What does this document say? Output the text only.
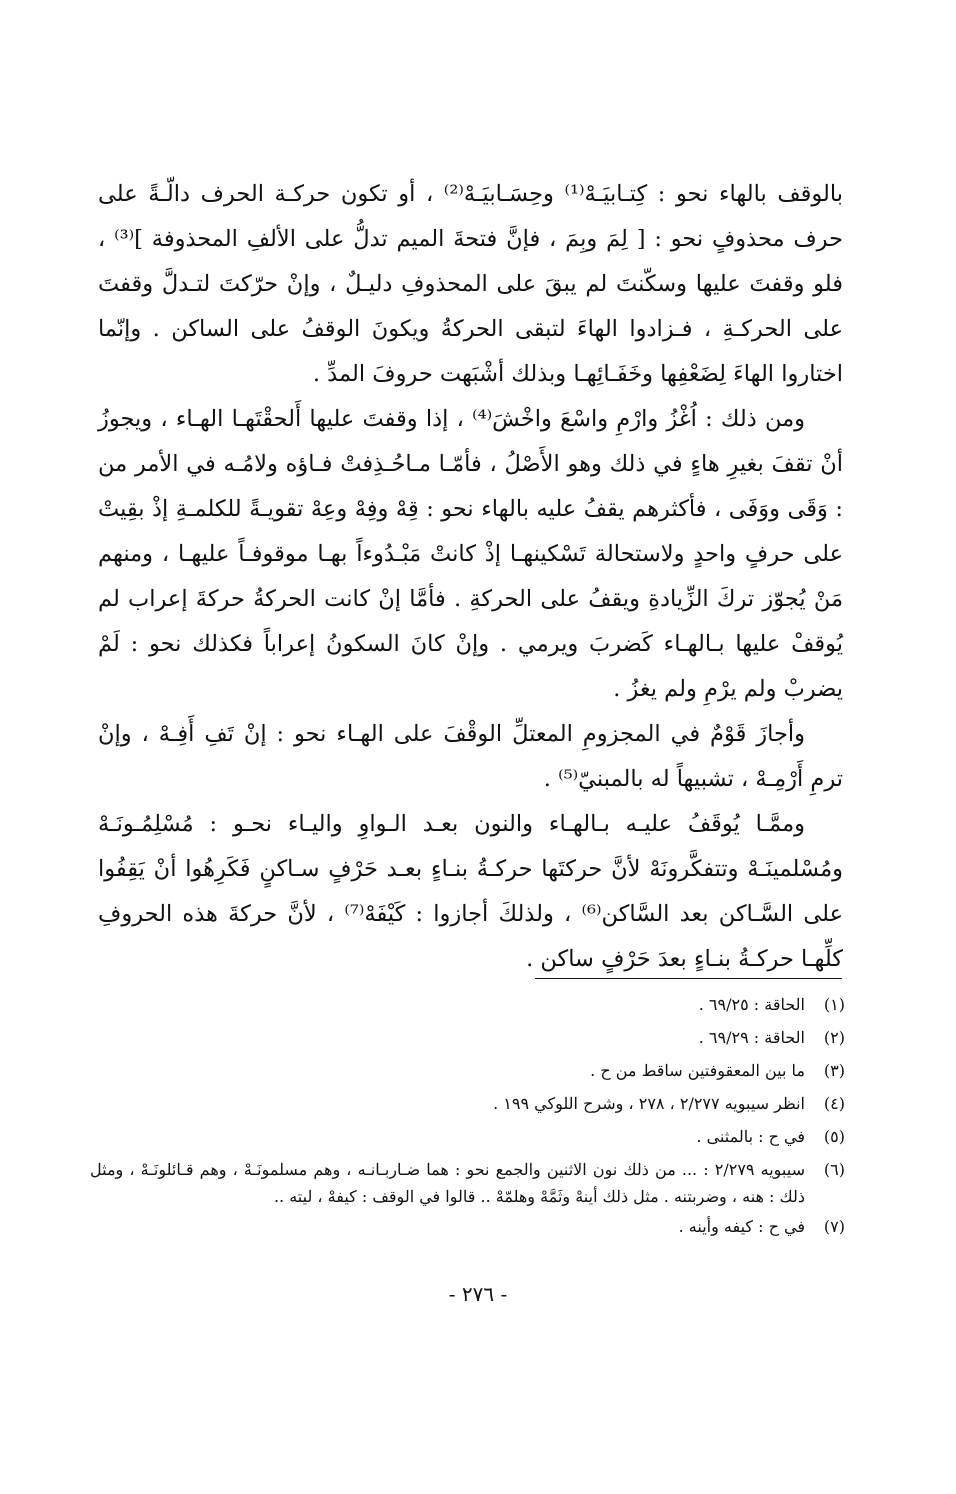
بالوقف بالهاء نحو : كِتـابيَـهْ⁽¹⁾ وحِسَـابيَـهْ⁽²⁾ ، أو تكون حركـة الحرف دالّـةً على حرف محذوفٍ نحو : [ لِمَ وبِمَ ، فإنَّ فتحةَ الميم تدلُّ على الألفِ المحذوفة ]⁽³⁾ ، فلو وقفتَ عليها وسكّنتَ لم يبقَ على المحذوفِ دليـلٌ ، وإنْ حرّكتَ لتـدلَّ وقفتَ على الحركـةِ ، فـزادوا الهاءَ لتبقى الحركةُ ويكونَ الوقفُ على الساكن . وإنّما اختاروا الهاءَ لِضَعْفِها وخَفَـائِهـا وبذلك أشْبَهت حروفَ المدِّ .

ومن ذلك : اُغْزُ وارْمِ واسْعَ واخْشَ⁽⁴⁾ ، إذا وقفتَ عليها أَلحقْتَهـا الهـاء ، ويجوزُ أنْ تقفَ بغيرِ هاءٍ في ذلك وهو الأَصْلُ ، فأمّـا مـاحُـذِفتْ فـاؤه ولامُـه في الأمر من : وَقَى ووَفَى ، فأكثرهم يقفُ عليه بالهاء نحو : قِهْ وفِهْ وعِهْ تقويـةً للكلمـةِ إذْ بقِيتْ على حرفٍ واحدٍ ولاستحالة تَسْكينهـا إذْ كانتْ مَبْـدُوءاً بهـا موقوفـاً عليهـا ، ومنهم مَنْ يُجوّز تركَ الزِّيادةِ ويقفُ على الحركةِ . فأمَّا إنْ كانت الحركةُ حركةَ إعراب لم يُوقفْ عليها بـالهـاء كَضربَ ويرمي . وإنْ كانَ السكونُ إعراباً فكذلك نحو : لَمْ يضربْ ولم يرْمِ ولم يغزُ .

وأجازَ قَوْمٌ في المجزومِ المعتلِّ الوقْفَ على الهـاء نحو : إنْ تَفِ أَفِـهْ ، وإنْ ترمِ أَرْمِـهْ ، تشبيهاً له بالمبنيّ⁽⁵⁾ .

وممَّـا يُوقَفُ عليـه بـالهـاء والنون بعـد الـواوِ واليـاء نحـو : مُسْلِمُـونَـهْ ومُسْلمينَـهْ وتتفكَّرونَهْ لأنَّ حركتَها حركـةُ بنـاءٍ بعـد حَرْفٍ سـاكنٍ فَكَرِهُوا أنْ يَقِفُوا على السَّـاكن بعد السَّاكن⁽⁶⁾ ، ولذلكَ أجازوا : كَيْفَهْ⁽⁷⁾ ، لأنَّ حركةَ هذه الحروفِ كلِّهـا حركـةُ بنـاءٍ بعدَ حَرْفٍ ساكن .

(١)
الحاقة : ٦٩/٢٥ .
(٢)
الحاقة : ٦٩/٢٩ .
(٣)
ما بين المعقوفتين ساقط من ح .
(٤)
انظر سيبويه ٢/٢٧٧ ، ٢٧٨ ، وشرح اللوكي ١٩٩ .
(٥)
في ح : بالمثنى .
(٦)
سيبويه ٢/٢٧٩ : ... من ذلك نون الاثنين والجمع نحو : هما ضـاربـانـه ، وهم مسلمونَـهْ ، وهم قـائلونَـهْ ، ومثل ذلك : هنه ، وضربتنه . مثل ذلك أينهْ وثَمَّهْ وهلمّهْ .. قالوا في الوقف : كيفهْ ، ليته ..
(٧)
في ح : كيفه وأينه .
- ٢٧٦ -
